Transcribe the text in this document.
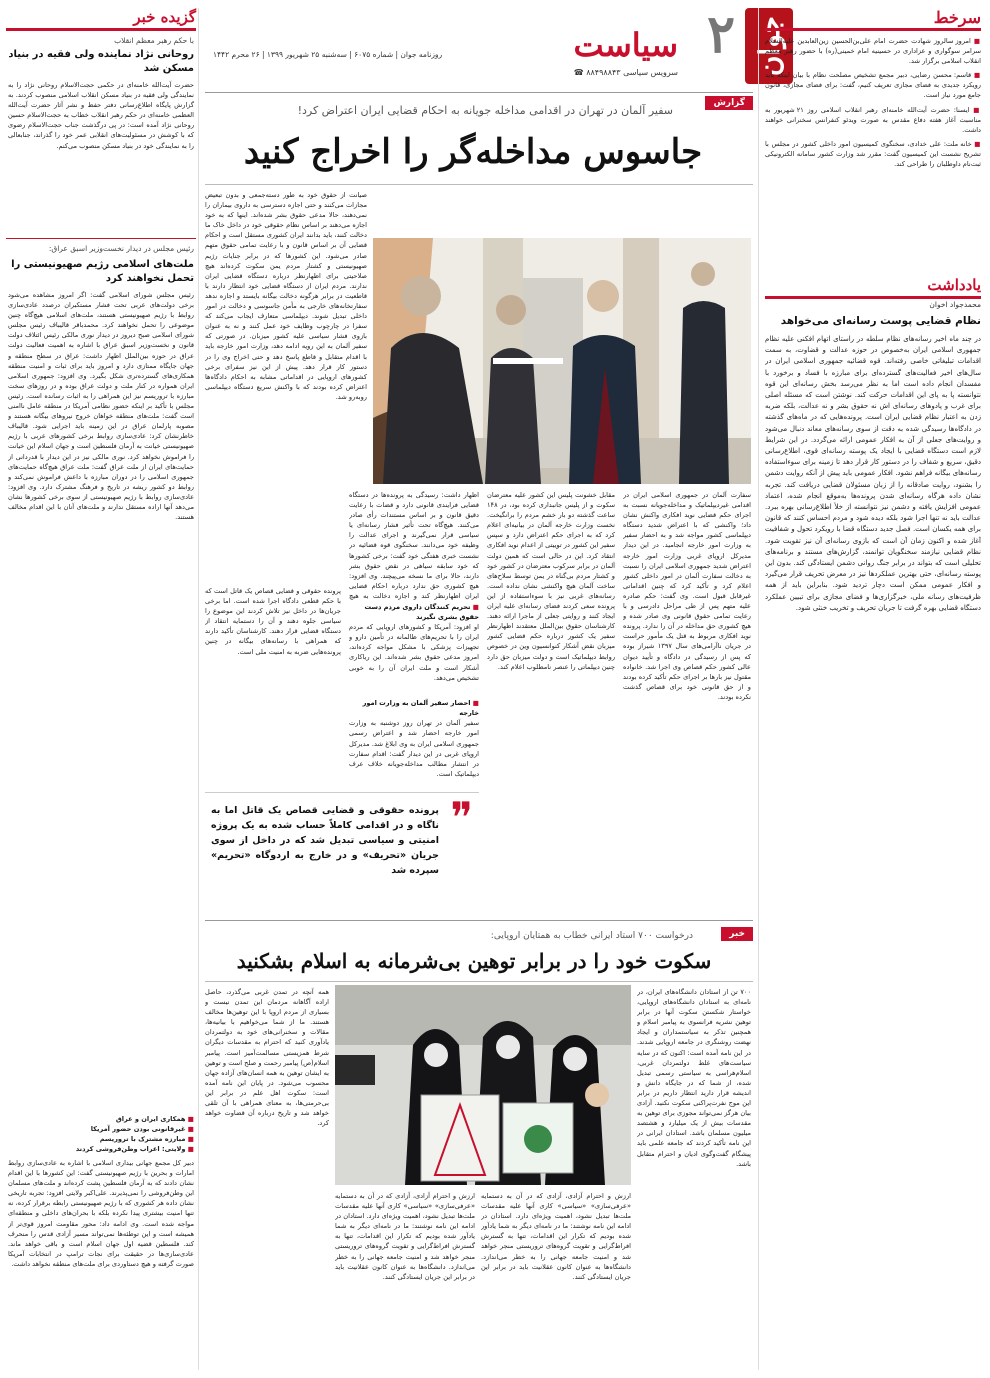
جوان
۲
سیاست
سرویس سیاسی ۸۸۴۹۸۸۴۳ ☎
روزنامه جوان | شماره ۶۰۷۵ | سه‌شنبه ۲۵ شهریور ۱۳۹۹ | ۲۶ محرم ۱۴۴۲
سرخط

■ امروز سالروز شهادت حضرت امام علی‌بن‌الحسین زین‌العابدین علیه‌السلام سرامر سوگواری و عزاداری در حسینیه امام خمینی(ره) با حضور رهبر معظم انقلاب اسلامی برگزار شد.

■ قاسم: محسن رضایی، دبیر مجمع تشخیص مصلحت نظام با بیان اینکه باید رویکرد جدیدی به فضای مجازی تعریف کنیم، گفت: برای فضای مجازی، قانون جامع مورد نیاز است.

■ ایسنا: حضرت آیت‌الله خامنه‌ای رهبر انقلاب اسلامی روز ۲۱ شهریور به مناسبت آغاز هفته دفاع مقدس به صورت ویدئو کنفرانس سخنرانی خواهند داشت.

■ خانه ملت: علی خدادی، سخنگوی کمیسیون امور داخلی کشور در مجلس با تشریح نشست این کمیسیون گفت: مقرر شد وزارت کشور سامانه الکترونیکی ثبت‌نام داوطلبان را طراحی کند.

یادداشت
محمدجواد اخوان
نظام قضایی پوست رسانه‌ای می‌خواهد
در چند ماه اخیر رسانه‌های نظام سلطه در راستای اتهام افکنی علیه نظام جمهوری اسلامی ایران به‌خصوص در حوزه عدالت و قضاوت، به سمت اقدامات تبلیغاتی خاصی رفته‌اند. قوه قضائیه جمهوری اسلامی ایران در سال‌های اخیر فعالیت‌های گسترده‌ای برای مبارزه با فساد و برخورد با مفسدان انجام داده است اما به نظر می‌رسد بخش رسانه‌ای این قوه نتوانسته پا به پای این اقدامات حرکت کند. نوشتن است که مسئله اصلی برای غرب و پادوهای رسانه‌ای اش نه حقوق بشر و نه عدالت، بلکه ضربه زدن به اعتبار نظام قضایی ایران است. پرونده‌هایی که در ماه‌های گذشته در دادگاه‌ها رسیدگی شده به دقت از سوی رسانه‌های معاند دنبال می‌شود و روایت‌های جعلی از آن به افکار عمومی ارائه می‌گردد. در این شرایط لازم است دستگاه قضایی با ایجاد یک پوسته رسانه‌ای قوی، اطلاع‌رسانی دقیق، سریع و شفاف را در دستور کار قرار دهد تا زمینه برای سوءاستفاده رسانه‌های بیگانه فراهم نشود. افکار عمومی باید پیش از آنکه روایت دشمن را بشنود، روایت صادقانه را از زبان مسئولان قضایی دریافت کند. تجربه نشان داده هرگاه رسانه‌ای شدن پرونده‌ها به‌موقع انجام شده، اعتماد عمومی افزایش یافته و دشمن نیز نتوانسته از خلأ اطلاع‌رسانی بهره ببرد. عدالت باید نه تنها اجرا شود بلکه دیده شود و مردم احساس کنند که قانون برای همه یکسان است. فصل جدید دستگاه قضا با رویکرد تحول و شفافیت آغاز شده و اکنون زمان آن است که بازوی رسانه‌ای آن نیز تقویت شود. نظام قضایی نیازمند سخنگویان توانمند، گزارش‌های مستند و برنامه‌های تحلیلی است که بتواند در برابر جنگ روانی دشمن ایستادگی کند. بدون این پوسته رسانه‌ای، حتی بهترین عملکردها نیز در معرض تحریف قرار می‌گیرد و افکار عمومی ممکن است دچار تردید شود. بنابراین باید از همه ظرفیت‌های رسانه ملی، خبرگزاری‌ها و فضای مجازی برای تبیین عملکرد دستگاه قضایی بهره گرفت تا جریان تحریف و تخریب خنثی شود.
گزیده خبر
با حکم رهبر معظم انقلاب
روحانی نژاد نماینده ولی فقیه در بنیاد مسکن شد
حضرت آیت‌الله خامنه‌ای در حکمی حجت‌الاسلام روحانی نژاد را به نمایندگی ولی فقیه در بنیاد مسکن انقلاب اسلامی منصوب کردند. به گزارش پایگاه اطلاع‌رسانی دفتر حفظ و نشر آثار حضرت آیت‌الله العظمی خامنه‌ای در حکم رهبر انقلاب خطاب به حجت‌الاسلام حسین روحانی نژاد آمده است: در پی درگذشت جناب حجت‌الاسلام رضوی که با کوشش در مسئولیت‌های انقلابی عمر خود را گذراند، جنابعالی را به نمایندگی خود در بنیاد مسکن منصوب می‌کنم.
رئیس مجلس در دیدار نخست‌وزیر اسبق عراق:
ملت‌های اسلامی رژیم صهیونیستی را تحمل نخواهند کرد
رئیس مجلس شورای اسلامی گفت: اگر امروز مشاهده می‌شود برخی دولت‌های عربی تحت فشار مستکبران درصدد عادی‌سازی روابط با رژیم صهیونیستی هستند، ملت‌های اسلامی هیچ‌گاه چنین موضوعی را تحمل نخواهند کرد. محمدباقر قالیباف رئیس مجلس شورای اسلامی صبح دیروز در دیدار نوری مالکی رئیس ائتلاف دولت قانون و نخست‌وزیر اسبق عراق با اشاره به اهمیت فعالیت دولت عراق در حوزه بین‌الملل اظهار داشت: عراق در سطح منطقه و جهان جایگاه ممتازی دارد و امروز باید برای ثبات و امنیت منطقه همکاری‌های گسترده‌تری شکل بگیرد. وی افزود: جمهوری اسلامی ایران همواره در کنار ملت و دولت عراق بوده و در روزهای سخت مبارزه با تروریسم نیز این همراهی را به اثبات رسانده است. رئیس مجلس با تأکید بر اینکه حضور نظامی آمریکا در منطقه عامل ناامنی است گفت: ملت‌های منطقه خواهان خروج نیروهای بیگانه هستند و مصوبه پارلمان عراق در این زمینه باید اجرایی شود. قالیباف خاطرنشان کرد: عادی‌سازی روابط برخی کشورهای عربی با رژیم صهیونیستی خیانت به آرمان فلسطین است و جهان اسلام این خیانت را فراموش نخواهد کرد. نوری مالکی نیز در این دیدار با قدردانی از حمایت‌های ایران از ملت عراق گفت: ملت عراق هیچ‌گاه حمایت‌های جمهوری اسلامی را در دوران مبارزه با داعش فراموش نمی‌کند و روابط دو کشور ریشه در تاریخ و فرهنگ مشترک دارد. وی افزود: عادی‌سازی روابط با رژیم صهیونیستی از سوی برخی کشورها نشان می‌دهد آنها اراده مستقل ندارند و ملت‌های آنان با این اقدام مخالف هستند.
■ همکاری ایران و عراق
■ غیرقانونی بودن حضور آمریکا
■ مبارزه مشترک با تروریسم
■ ولایتی: اعراب وطن‌فروشی کردند
دبیر کل مجمع جهانی بیداری اسلامی با اشاره به عادی‌سازی روابط امارات و بحرین با رژیم صهیونیستی گفت: این کشورها با این اقدام نشان دادند که به آرمان فلسطین پشت کرده‌اند و ملت‌های مسلمان این وطن‌فروشی را نمی‌پذیرند. علی‌اکبر ولایتی افزود: تجربه تاریخی نشان داده هر کشوری که با رژیم صهیونیستی رابطه برقرار کرده، نه تنها امنیت بیشتری پیدا نکرده بلکه با بحران‌های داخلی و منطقه‌ای مواجه شده است. وی ادامه داد: محور مقاومت امروز قوی‌تر از همیشه است و این توطئه‌ها نمی‌تواند مسیر آزادی قدس را منحرف کند. فلسطین قضیه اول جهان اسلام است و باقی خواهد ماند. عادی‌سازی‌ها در حقیقت برای نجات ترامپ در انتخابات آمریکا صورت گرفته و هیچ دستاوردی برای ملت‌های منطقه نخواهد داشت.
گزارش
سفیر آلمان در تهران در اقدامی مداخله جویانه به احکام قضایی ایران اعتراض کرد!
جاسوس مداخله‌گر را اخراج کنید
صیانت از حقوق خود به طور دسته‌جمعی و بدون تبعیض مجازات می‌کنند و حتی اجازه دسترسی به داروی بیماران را نمی‌دهند، حالا مدعی حقوق بشر شده‌اند. اینها که به خود اجازه می‌دهند بر اساس نظام حقوقی خود در داخل خاک ما دخالت کنند، باید بدانند ایران کشوری مستقل است و احکام قضایی آن بر اساس قانون و با رعایت تمامی حقوق متهم صادر می‌شود. این کشورها که در برابر جنایات رژیم صهیونیستی و کشتار مردم یمن سکوت کرده‌اند هیچ صلاحیتی برای اظهارنظر درباره دستگاه قضایی ایران ندارند. مردم ایران از دستگاه قضایی خود انتظار دارند با قاطعیت در برابر هرگونه دخالت بیگانه بایستد و اجازه ندهد سفارتخانه‌های خارجی به مأمن جاسوسی و دخالت در امور داخلی تبدیل شوند. دیپلماسی متعارف ایجاب می‌کند که سفرا در چارچوب وظایف خود عمل کنند و نه به عنوان بازوی فشار سیاسی علیه کشور میزبان. در صورتی که سفیر آلمان به این رویه ادامه دهد، وزارت امور خارجه باید با اقدام متقابل و قاطع پاسخ دهد و حتی اخراج وی را در دستور کار قرار دهد. پیش از این نیز سفرای برخی کشورهای اروپایی در اقداماتی مشابه به احکام دادگاه‌ها اعتراض کرده بودند که با واکنش سریع دستگاه دیپلماسی روبه‌رو شد.
سفارت آلمان در جمهوری اسلامی ایران در اقدامی غیردیپلماتیک و مداخله‌جویانه نسبت به اجرای حکم قضایی نوید افکاری واکنش نشان داد؛ واکنشی که با اعتراض شدید دستگاه دیپلماسی کشور مواجه شد و به احضار سفیر به وزارت امور خارجه انجامید. در این دیدار مدیرکل اروپای غربی وزارت امور خارجه اعتراض شدید جمهوری اسلامی ایران را نسبت به دخالت سفارت آلمان در امور داخلی کشور اعلام کرد و تأکید کرد که چنین اقداماتی غیرقابل قبول است. وی گفت: حکم صادره علیه متهم پس از طی مراحل دادرسی و با رعایت تمامی حقوق قانونی وی صادر شده و هیچ کشوری حق مداخله در آن را ندارد. پرونده نوید افکاری مربوط به قتل یک مأمور حراست در جریان ناآرامی‌های سال ۱۳۹۷ شیراز بوده که پس از رسیدگی در دادگاه و تأیید دیوان عالی کشور حکم قصاص وی اجرا شد. خانواده مقتول نیز بارها بر اجرای حکم تأکید کرده بودند و از حق قانونی خود برای قصاص گذشت نکرده بودند.
مقابل خشونت پلیس این کشور علیه معترضان سکوت و از پلیس جانبداری کرده بود، در ۱۴۸ ساعت گذشته دو بار خشم مردم را برانگیخت. نخست وزارت خارجه آلمان در بیانیه‌ای اعلام کرد که به اجرای حکم اعتراض دارد و سپس سفیر این کشور در توییتی از اعدام نوید افکاری انتقاد کرد. این در حالی است که همین دولت آلمان در برابر سرکوب معترضان در کشور خود و کشتار مردم بی‌گناه در یمن توسط سلاح‌های ساخت آلمان هیچ واکنشی نشان نداده است. رسانه‌های غربی نیز با سوءاستفاده از این پرونده سعی کردند فضای رسانه‌ای علیه ایران ایجاد کنند و روایتی جعلی از ماجرا ارائه دهند. کارشناسان حقوق بین‌الملل معتقدند اظهارنظر سفیر یک کشور درباره حکم قضایی کشور میزبان نقض آشکار کنوانسیون وین در خصوص روابط دیپلماتیک است و دولت میزبان حق دارد چنین دیپلماتی را عنصر نامطلوب اعلام کند.
اظهار داشت: رسیدگی به پرونده‌ها در دستگاه قضایی فرایندی قانونی دارد و قضات با رعایت دقیق قانون و بر اساس مستندات رأی صادر می‌کنند. هیچ‌گاه تحت تأثیر فشار رسانه‌ای یا سیاسی قرار نمی‌گیرند و اجرای عدالت را وظیفه خود می‌دانند. سخنگوی قوه قضائیه در نشست خبری هفتگی خود گفت: برخی کشورها که خود سابقه سیاهی در نقض حقوق بشر دارند، حالا برای ما نسخه می‌پیچند. وی افزود: هیچ کشوری حق ندارد درباره احکام قضایی ایران اظهارنظر کند و اجازه دخالت به هیچ
■ تحریم کنندگان داروی مردم دست حقوق بشری نگیرند
او افزود: آمریکا و کشورهای اروپایی که مردم ایران را با تحریم‌های ظالمانه در تأمین دارو و تجهیزات پزشکی با مشکل مواجه کرده‌اند، امروز مدعی حقوق بشر شده‌اند. این ریاکاری آشکار است و ملت ایران آن را به خوبی تشخیص می‌دهد.
■ احضار سفیر آلمان به وزارت امور خارجه
سفیر آلمان در تهران روز دوشنبه به وزارت امور خارجه احضار شد و اعتراض رسمی جمهوری اسلامی ایران به وی ابلاغ شد. مدیرکل اروپای غربی در این دیدار گفت: اقدام سفارت در انتشار مطالب مداخله‌جویانه خلاف عرف دیپلماتیک است.
پرونده حقوقی و قضایی قصاص یک قاتل است که با حکم قطعی دادگاه اجرا شده است. اما برخی جریان‌ها در داخل نیز تلاش کردند این موضوع را سیاسی جلوه دهند و آن را دستمایه انتقاد از دستگاه قضایی قرار دهند. کارشناسان تأکید دارند که همراهی با رسانه‌های بیگانه در چنین پرونده‌هایی ضربه به امنیت ملی است.
❞
پرونده حقوقی و قضایی قصاص یک قاتل اما به ناگاه و در اقدامی کاملاً حساب شده به یک پروژه امنیتی و سیاسی تبدیل شد که در داخل از سوی جریان «تحریف» و در خارج به اردوگاه «تحریم» سپرده شد
خبر
درخواست ۷۰۰ استاد ایرانی خطاب به همتایان اروپایی:
سکوت خود را در برابر توهین بی‌شرمانه به اسلام بشکنید
۷۰۰ تن از استادان دانشگاه‌های ایران، در نامه‌ای به استادان دانشگاه‌های اروپایی، خواستار شکستن سکوت آنها در برابر توهین نشریه فرانسوی به پیامبر اسلام و همچنین تذکر به سیاستمداران و ایجاد نهضت روشنگری در جامعه اروپایی شدند. در این نامه آمده است: اکنون که در سایه سیاست‌های غلط دولتمردان غربی، اسلام‌هراسی به سیاستی رسمی تبدیل شده، از شما که در جایگاه دانش و اندیشه قرار دارید انتظار داریم در برابر این موج نفرت‌پراکنی سکوت نکنید. آزادی بیان هرگز نمی‌تواند مجوزی برای توهین به مقدسات بیش از یک میلیارد و هشتصد میلیون مسلمان باشد. استادان ایرانی در این نامه تأکید کردند که جامعه علمی باید پیشگام گفت‌وگوی ادیان و احترام متقابل باشد.
ارزش و احترام آزادی، آزادی که در آن به دستمایه «عرفی‌سازی» «سیاسی» کاری آنها علیه مقدسات ملت‌ها تبدیل نشود، اهمیت ویژه‌ای دارد. استادان در ادامه این نامه نوشتند: ما در نامه‌ای دیگر به شما یادآور شده بودیم که تکرار این اقدامات، تنها به گسترش افراط‌گرایی و تقویت گروه‌های تروریستی منجر خواهد شد و امنیت جامعه جهانی را به خطر می‌اندازد. دانشگاه‌ها به عنوان کانون عقلانیت باید در برابر این جریان ایستادگی کنند.
همه آنچه در تمدن غربی می‌گذرد، حاصل اراده آگاهانه مردمان این تمدن نیست و بسیاری از مردم اروپا با این توهین‌ها مخالف هستند. ما از شما می‌خواهیم با بیانیه‌ها، مقالات و سخنرانی‌های خود به دولتمردان یادآوری کنید که احترام به مقدسات دیگران شرط همزیستی مسالمت‌آمیز است. پیامبر اسلام(ص) پیامبر رحمت و صلح است و توهین به ایشان توهین به همه انسان‌های آزاده جهان محسوب می‌شود. در پایان این نامه آمده است: سکوت اهل علم در برابر این بی‌حرمتی‌ها، به معنای همراهی با آن تلقی خواهد شد و تاریخ درباره آن قضاوت خواهد کرد.
ارزش و احترام آزادی، آزادی که در آن به دستمایه «عرفی‌سازی» «سیاسی» کاری آنها علیه مقدسات ملت‌ها تبدیل نشود، اهمیت ویژه‌ای دارد. استادان در ادامه این نامه نوشتند: ما در نامه‌ای دیگر به شما یادآور شده بودیم که تکرار این اقدامات، تنها به گسترش افراط‌گرایی و تقویت گروه‌های تروریستی منجر خواهد شد و امنیت جامعه جهانی را به خطر می‌اندازد. دانشگاه‌ها به عنوان کانون عقلانیت باید در برابر این جریان ایستادگی کنند.
